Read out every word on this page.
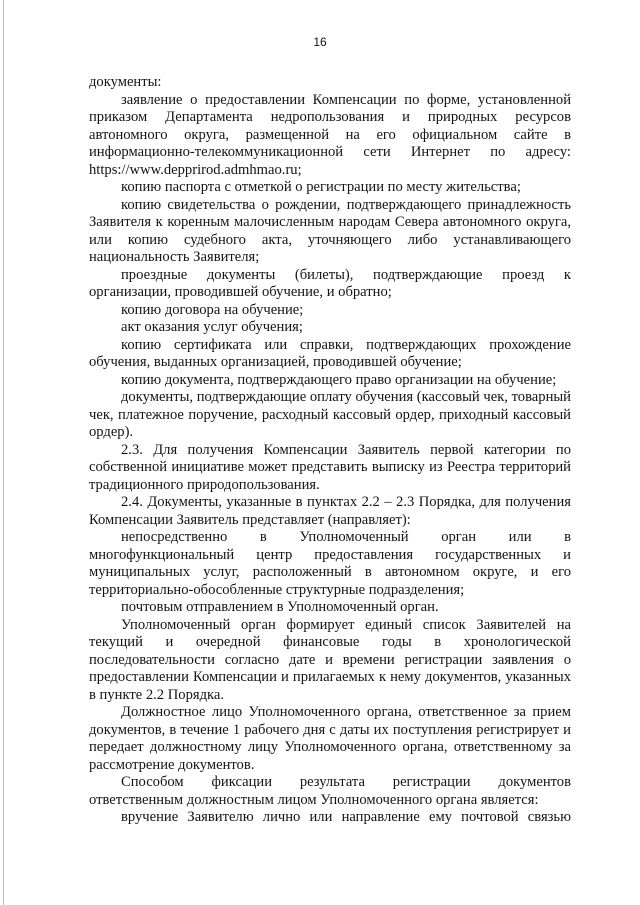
16

документы:

заявление о предоставлении Компенсации по форме, установленной приказом Департамента недропользования и природных ресурсов автономного округа, размещенной на его официальном сайте в информационно-телекоммуникационной сети Интернет по адресу: https://www.depprirod.admhmao.ru;

копию паспорта с отметкой о регистрации по месту жительства;

копию свидетельства о рождении, подтверждающего принадлежность Заявителя к коренным малочисленным народам Севера автономного округа, или копию судебного акта, уточняющего либо устанавливающего национальность Заявителя;

проездные документы (билеты), подтверждающие проезд к организации, проводившей обучение, и обратно;

копию договора на обучение;

акт оказания услуг обучения;

копию сертификата или справки, подтверждающих прохождение обучения, выданных организацией, проводившей обучение;

копию документа, подтверждающего право организации на обучение;

документы, подтверждающие оплату обучения (кассовый чек, товарный чек, платежное поручение, расходный кассовый ордер, приходный кассовый ордер).

2.3. Для получения Компенсации Заявитель первой категории по собственной инициативе может представить выписку из Реестра территорий традиционного природопользования.

2.4. Документы, указанные в пунктах 2.2 – 2.3 Порядка, для получения Компенсации Заявитель представляет (направляет):

непосредственно в Уполномоченный орган или в многофункциональный центр предоставления государственных и муниципальных услуг, расположенный в автономном округе, и его территориально-обособленные структурные подразделения;

почтовым отправлением в Уполномоченный орган.

Уполномоченный орган формирует единый список Заявителей на текущий и очередной финансовые годы в хронологической последовательности согласно дате и времени регистрации заявления о предоставлении Компенсации и прилагаемых к нему документов, указанных в пункте 2.2 Порядка.

Должностное лицо Уполномоченного органа, ответственное за прием документов, в течение 1 рабочего дня с даты их поступления регистрирует и передает должностному лицу Уполномоченного органа, ответственному за рассмотрение документов.

Способом фиксации результата регистрации документов ответственным должностным лицом Уполномоченного органа является:

вручение Заявителю лично или направление ему почтовой связью
